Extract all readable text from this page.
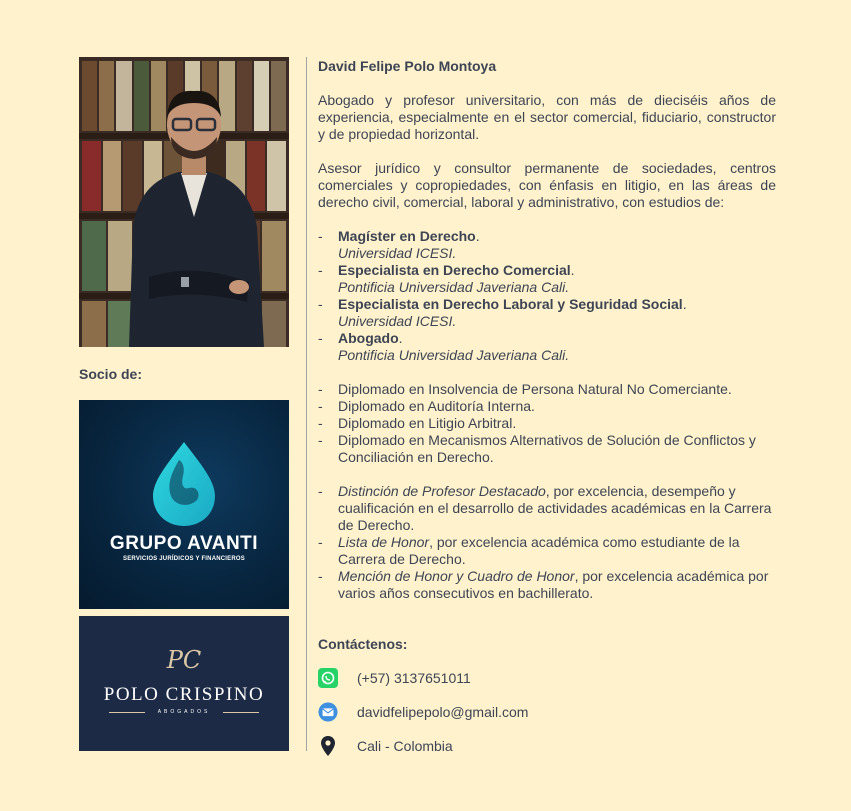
Socio de:
GRUPO AVANTI
SERVICIOS JURÍDICOS Y FINANCIEROS
PC
POLO CRISPINO
ABOGADOS
David Felipe Polo Montoya

Abogado y profesor universitario, con más de dieciséis años de experiencia, especialmente en el sector comercial, fiduciario, constructor y de propiedad horizontal.

Asesor jurídico y consultor permanente de sociedades, centros comerciales y copropiedades, con énfasis en litigio, en las áreas de derecho civil, comercial, laboral y administrativo, con estudios de:

- Magíster en Derecho.
Universidad ICESI.
- Especialista en Derecho Comercial.
Pontificia Universidad Javeriana Cali.
- Especialista en Derecho Laboral y Seguridad Social.
Universidad ICESI.
- Abogado.
Pontificia Universidad Javeriana Cali.
- Diplomado en Insolvencia de Persona Natural No Comerciante.
- Diplomado en Auditoría Interna.
- Diplomado en Litigio Arbitral.
- Diplomado en Mecanismos Alternativos de Solución de Conflictos y Conciliación en Derecho.
- Distinción de Profesor Destacado, por excelencia, desempeño y cualificación en el desarrollo de actividades académicas en la Carrera de Derecho.
- Lista de Honor, por excelencia académica como estudiante de la Carrera de Derecho.
- Mención de Honor y Cuadro de Honor, por excelencia académica por varios años consecutivos en bachillerato.
Contáctenos:
(+57) 3137651011
davidfelipepolo@gmail.com
Cali - Colombia
